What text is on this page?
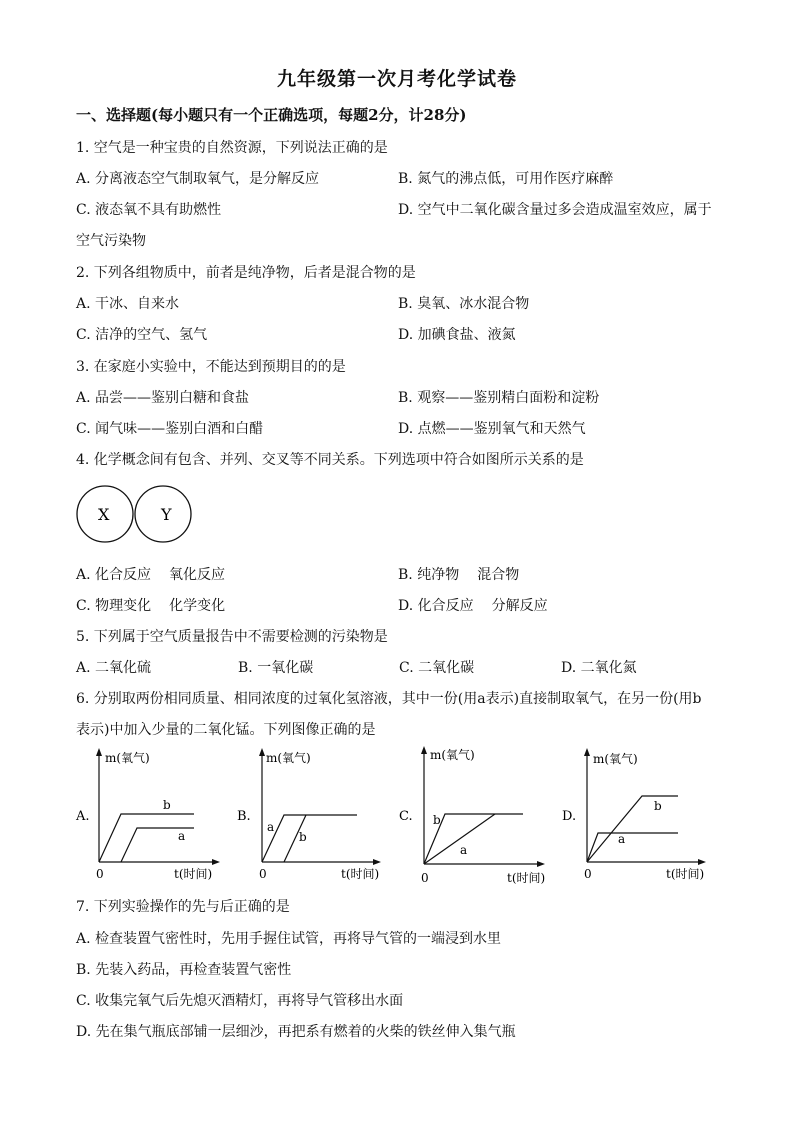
九年级第一次月考化学试卷
一、选择题(每小题只有一个正确选项，每题2分，计28分)
1. 空气是一种宝贵的自然资源，下列说法正确的是
A. 分离液态空气制取氧气，是分解反应	B. 氮气的沸点低，可用作医疗麻醉
C. 液态氧不具有助燃性	D. 空气中二氧化碳含量过多会造成温室效应，属于
空气污染物
2. 下列各组物质中，前者是纯净物，后者是混合物的是
A. 干冰、自来水	B. 臭氧、冰水混合物
C. 洁净的空气、氢气	D. 加碘食盐、液氮
3. 在家庭小实验中，不能达到预期目的的是
A. 品尝——鉴别白糖和食盐	B. 观察——鉴别精白面粉和淀粉
C. 闻气味——鉴别白酒和白醋	D. 点燃——鉴别氧气和天然气
4. 化学概念间有包含、并列、交叉等不同关系。下列选项中符合如图所示关系的是
X	Y
A. 化合反应 氧化反应	B. 纯净物 混合物
C. 物理变化 化学变化	D. 化合反应 分解反应
5. 下列属于空气质量报告中不需要检测的污染物是
A. 二氧化硫	B. 一氧化碳	C. 二氧化碳	D. 二氧化氮
6. 分别取两份相同质量、相同浓度的过氧化氢溶液，其中一份(用a表示)直接制取氧气，在另一份(用b
表示)中加入少量的二氧化锰。下列图像正确的是
A.
m(氧气)
t(时间)
0
b
a
B.
m(氧气)
t(时间)
0
a
b
C.
m(氧气)
t(时间)
0
b
a
D.
m(氧气)
t(时间)
0
b
a
7. 下列实验操作的先与后正确的是
A. 检查装置气密性时，先用手握住试管，再将导气管的一端浸到水里
B. 先装入药品，再检查装置气密性
C. 收集完氧气后先熄灭酒精灯，再将导气管移出水面
D. 先在集气瓶底部铺一层细沙，再把系有燃着的火柴的铁丝伸入集气瓶
